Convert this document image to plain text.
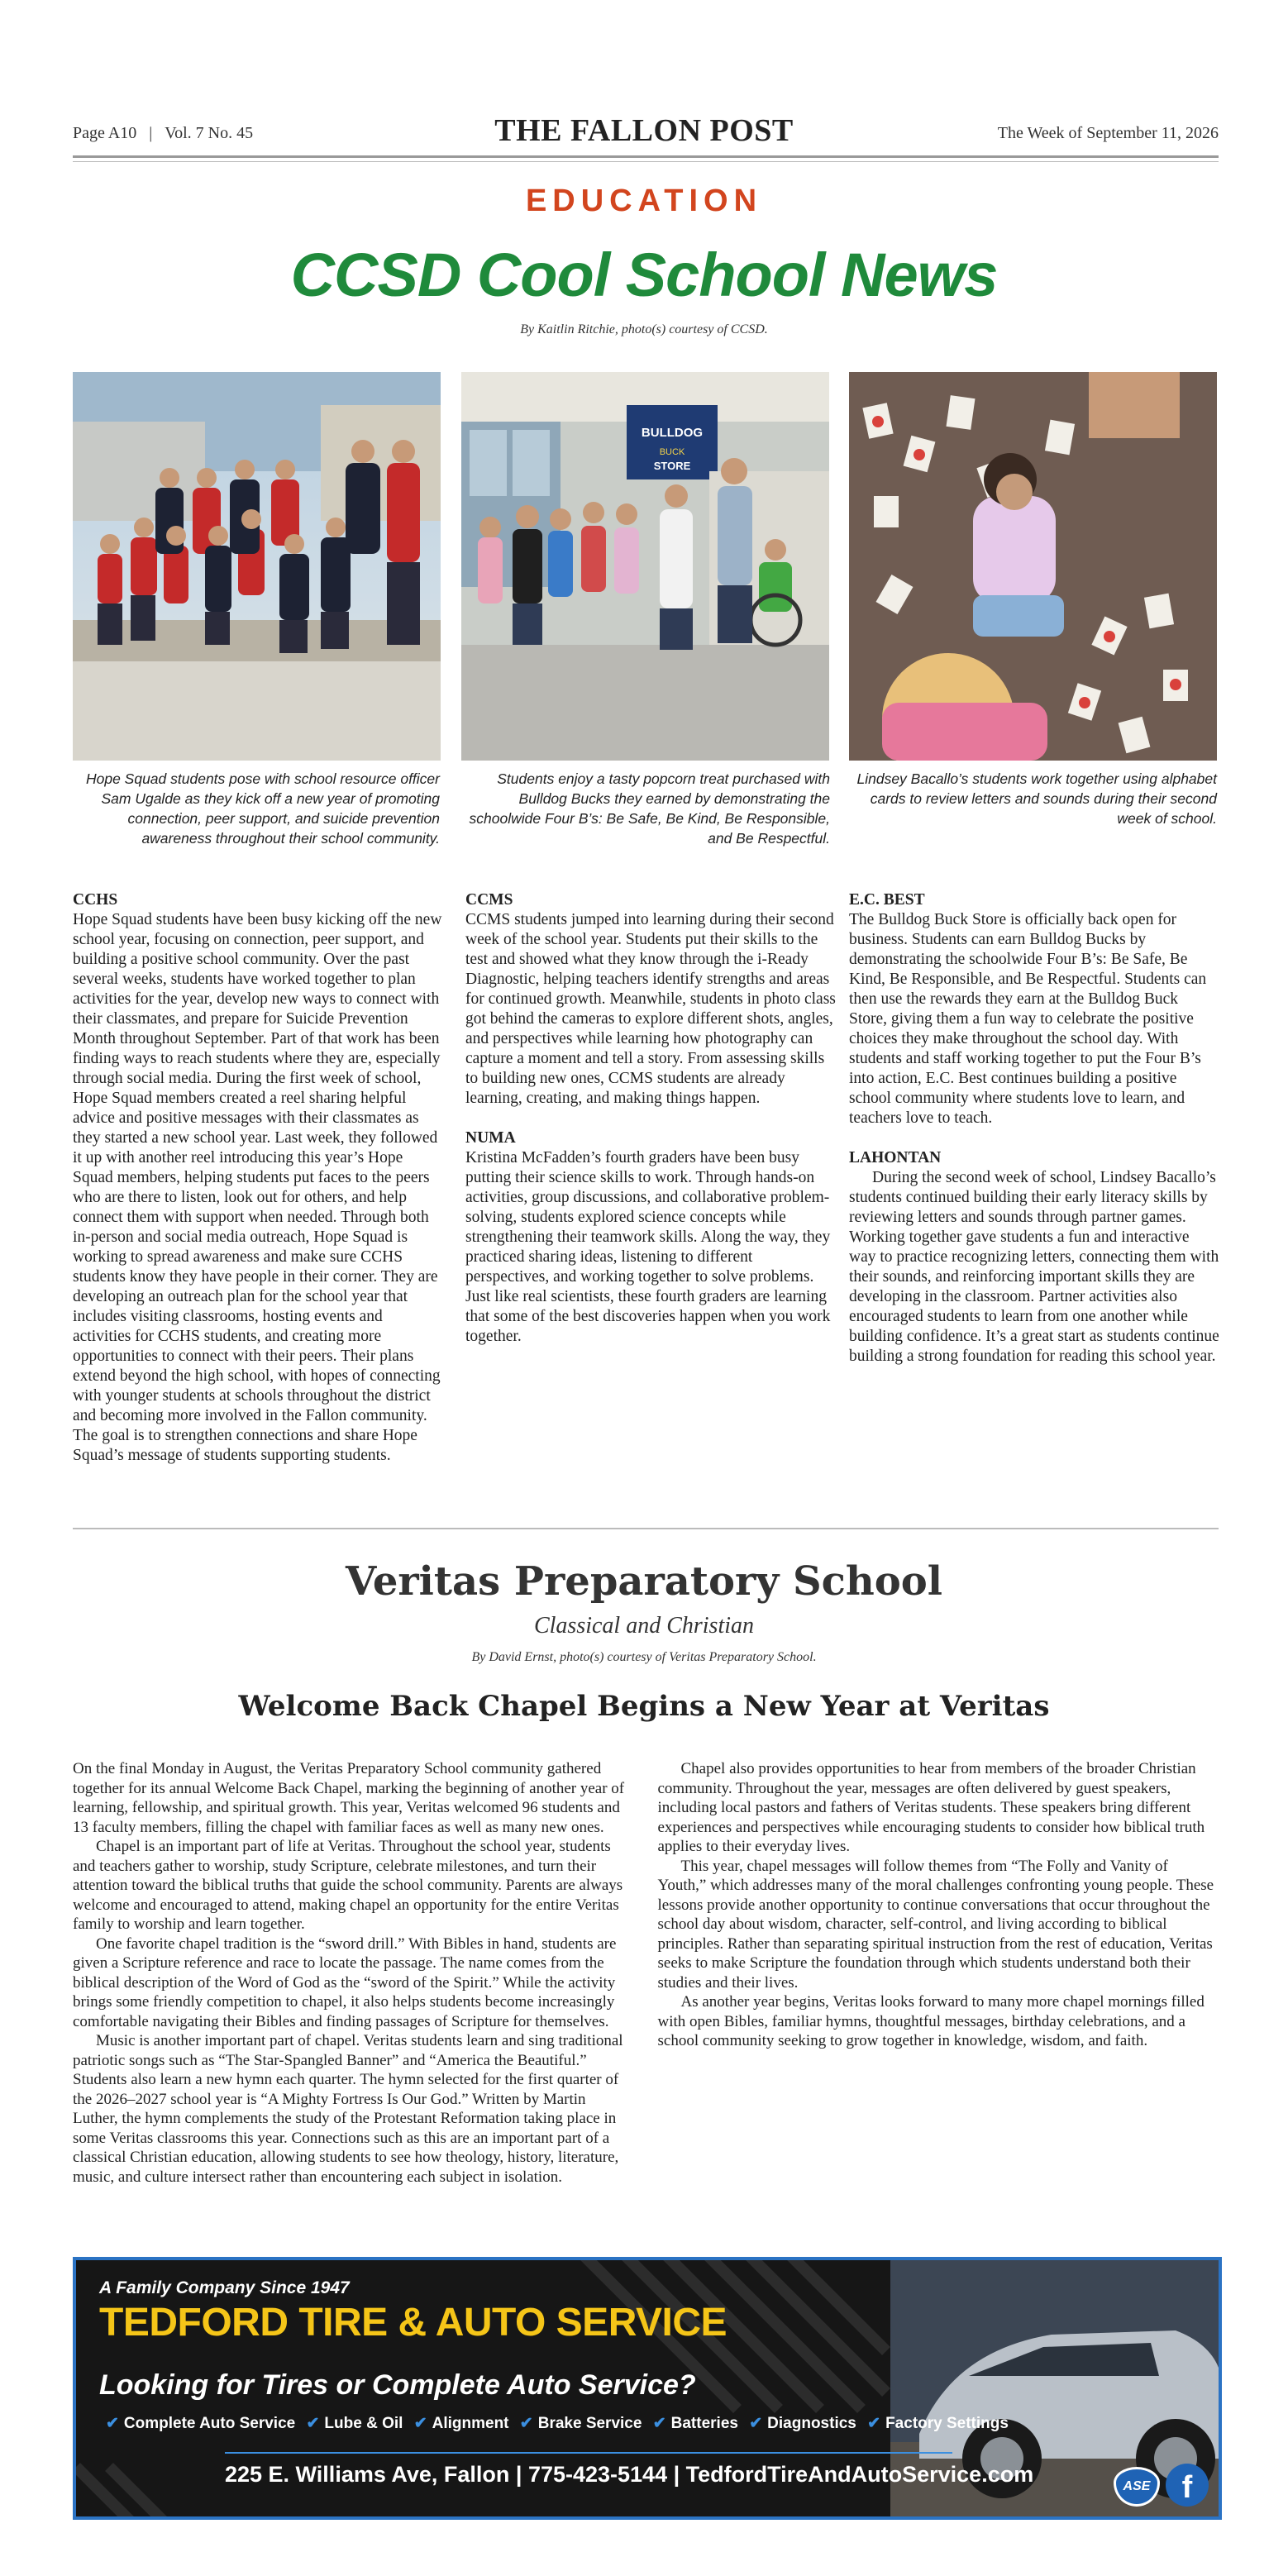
Page A10   |   Vol. 7 No. 45	THE FALLON POST	The Week of September 11, 2026
EDUCATION
CCSD Cool School News
By Kaitlin Ritchie, photo(s) courtesy of CCSD.
BULLDOG
BUCK
STORE
Hope Squad students pose with school resource officer Sam Ugalde as they kick off a new year of promoting connection, peer support, and suicide prevention awareness throughout their school community.
Students enjoy a tasty popcorn treat purchased with Bulldog Bucks they earned by demonstrating the schoolwide Four B’s: Be Safe, Be Kind, Be Responsible, and Be Respectful.
Lindsey Bacallo’s students work together using alphabet cards to review letters and sounds during their second week of school.
CCHS

Hope Squad students have been busy kicking off the new school year, focusing on connection, peer support, and building a positive school community. Over the past several weeks, students have worked together to plan activities for the year, develop new ways to connect with their classmates, and prepare for Suicide Prevention Month throughout September. Part of that work has been finding ways to reach students where they are, especially through social media. During the first week of school, Hope Squad members created a reel sharing helpful advice and positive messages with their classmates as they started a new school year. Last week, they followed it up with another reel introducing this year’s Hope Squad members, helping students put faces to the peers who are there to listen, look out for others, and help connect them with support when needed. Through both in-person and social media outreach, Hope Squad is working to spread awareness and make sure CCHS students know they have people in their corner. They are developing an outreach plan for the school year that includes visiting classrooms, hosting events and activities for CCHS students, and creating more opportunities to connect with their peers. Their plans extend beyond the high school, with hopes of connecting with younger students at schools throughout the district and becoming more involved in the Fallon community. The goal is to strengthen connections and share Hope Squad’s message of students supporting students.

CCMS

CCMS students jumped into learning during their second week of the school year. Students put their skills to the test and showed what they know through the i-Ready Diagnostic, helping teachers identify strengths and areas for continued growth. Meanwhile, students in photo class got behind the cameras to explore different shots, angles, and perspectives while learning how photography can capture a moment and tell a story. From assessing skills to building new ones, CCMS students are already learning, creating, and making things happen.

NUMA

Kristina McFadden’s fourth graders have been busy putting their science skills to work. Through hands-on activities, group discussions, and collaborative problem-solving, students explored science concepts while strengthening their teamwork skills. Along the way, they practiced sharing ideas, listening to different perspectives, and working together to solve problems. Just like real scientists, these fourth graders are learning that some of the best discoveries happen when you work together.

E.C. BEST

The Bulldog Buck Store is officially back open for business. Students can earn Bulldog Bucks by demonstrating the schoolwide Four B’s: Be Safe, Be Kind, Be Responsible, and Be Respectful. Students can then use the rewards they earn at the Bulldog Buck Store, giving them a fun way to celebrate the positive choices they make throughout the school day. With students and staff working together to put the Four B’s into action, E.C. Best continues building a positive school community where students love to learn, and teachers love to teach.

LAHONTAN

During the second week of school, Lindsey Bacallo’s students continued building their early literacy skills by reviewing letters and sounds through partner games. Working together gave students a fun and interactive way to practice recognizing letters, connecting them with their sounds, and reinforcing important skills they are developing in the classroom. Partner activities also encouraged students to learn from one another while building confidence. It’s a great start as students continue building a strong foundation for reading this school year.

Veritas Preparatory School
Classical and Christian
By David Ernst, photo(s) courtesy of Veritas Preparatory School.
Welcome Back Chapel Begins a New Year at Veritas

On the final Monday in August, the Veritas Preparatory School community gathered together for its annual Welcome Back Chapel, marking the beginning of another year of learning, fellowship, and spiritual growth. This year, Veritas welcomed 96 students and 13 faculty members, filling the chapel with familiar faces as well as many new ones.

Chapel is an important part of life at Veritas. Throughout the school year, students and teachers gather to worship, study Scripture, celebrate milestones, and turn their attention toward the biblical truths that guide the school community. Parents are always welcome and encouraged to attend, making chapel an opportunity for the entire Veritas family to worship and learn together.

One favorite chapel tradition is the “sword drill.” With Bibles in hand, students are given a Scripture reference and race to locate the passage. The name comes from the biblical description of the Word of God as the “sword of the Spirit.” While the activity brings some friendly competition to chapel, it also helps students become increasingly comfortable navigating their Bibles and finding passages of Scripture for themselves.

Music is another important part of chapel. Veritas students learn and sing traditional patriotic songs such as “The Star-Spangled Banner” and “America the Beautiful.” Students also learn a new hymn each quarter. The hymn selected for the first quarter of the 2026–2027 school year is “A Mighty Fortress Is Our God.” Written by Martin Luther, the hymn complements the study of the Protestant Reformation taking place in some Veritas classrooms this year. Connections such as this are an important part of a classical Christian education, allowing students to see how theology, history, literature, music, and culture intersect rather than encountering each subject in isolation.

Chapel also provides opportunities to hear from members of the broader Christian community. Throughout the year, messages are often delivered by guest speakers, including local pastors and fathers of Veritas students. These speakers bring different experiences and perspectives while encouraging students to consider how biblical truth applies to their everyday lives.

This year, chapel messages will follow themes from “The Folly and Vanity of Youth,” which addresses many of the moral challenges confronting young people. These lessons provide another opportunity to continue conversations that occur throughout the school day about wisdom, character, self-control, and living according to biblical principles. Rather than separating spiritual instruction from the rest of education, Veritas seeks to make Scripture the foundation through which students understand both their studies and their lives.

As another year begins, Veritas looks forward to many more chapel mornings filled with open Bibles, familiar hymns, thoughtful messages, birthday celebrations, and a school community seeking to grow together in knowledge, wisdom, and faith.

A Family Company Since 1947
TEDFORD TIRE & AUTO SERVICE
Looking for Tires or Complete Auto Service?
✔ Complete Auto Service ✔ Lube & Oil ✔ Alignment ✔ Brake Service ✔ Batteries ✔ Diagnostics ✔ Factory Settings
225 E. Williams Ave, Fallon | 775-423-5144 | TedfordTireAndAutoService.com	ASE	f
